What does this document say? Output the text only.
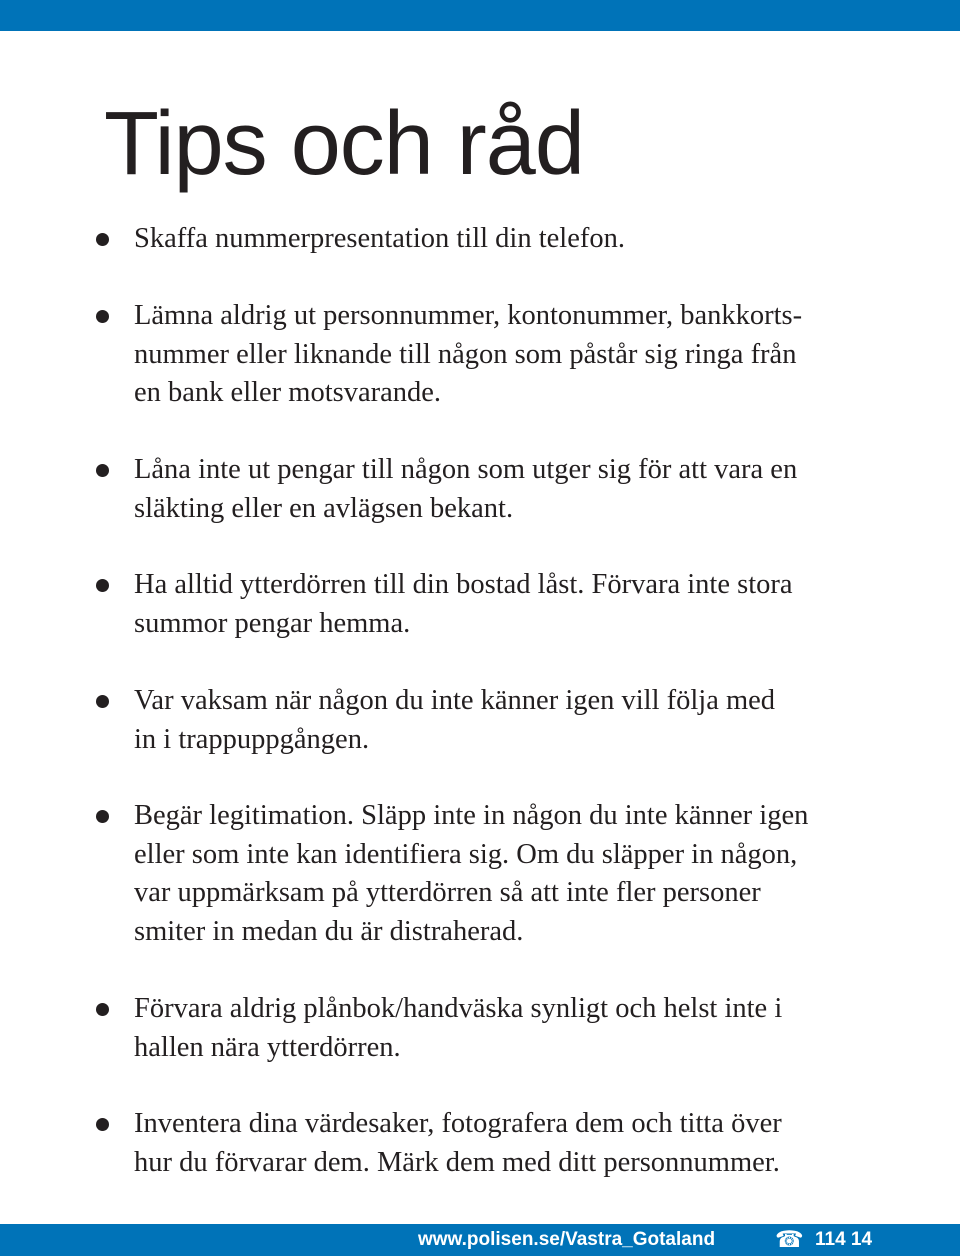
Tips och råd
Skaffa nummerpresentation till din telefon.
Lämna aldrig ut personnummer, kontonummer, bankkorts-
nummer eller liknande till någon som påstår sig ringa från
en bank eller motsvarande.
Låna inte ut pengar till någon som utger sig för att vara en
släkting eller en avlägsen bekant.
Ha alltid ytterdörren till din bostad låst. Förvara inte stora
summor pengar hemma.
Var vaksam när någon du inte känner igen vill följa med
in i trappuppgången.
Begär legitimation. Släpp inte in någon du inte känner igen
eller som inte kan identifiera sig. Om du släpper in någon,
var uppmärksam på ytterdörren så att inte fler personer
smiter in medan du är distraherad.
Förvara aldrig plånbok/handväska synligt och helst inte i
hallen nära ytterdörren.
Inventera dina värdesaker, fotografera dem och titta över
hur du förvarar dem. Märk dem med ditt personnummer.
www.polisen.se/Vastra_Gotaland	☎ 114 14
